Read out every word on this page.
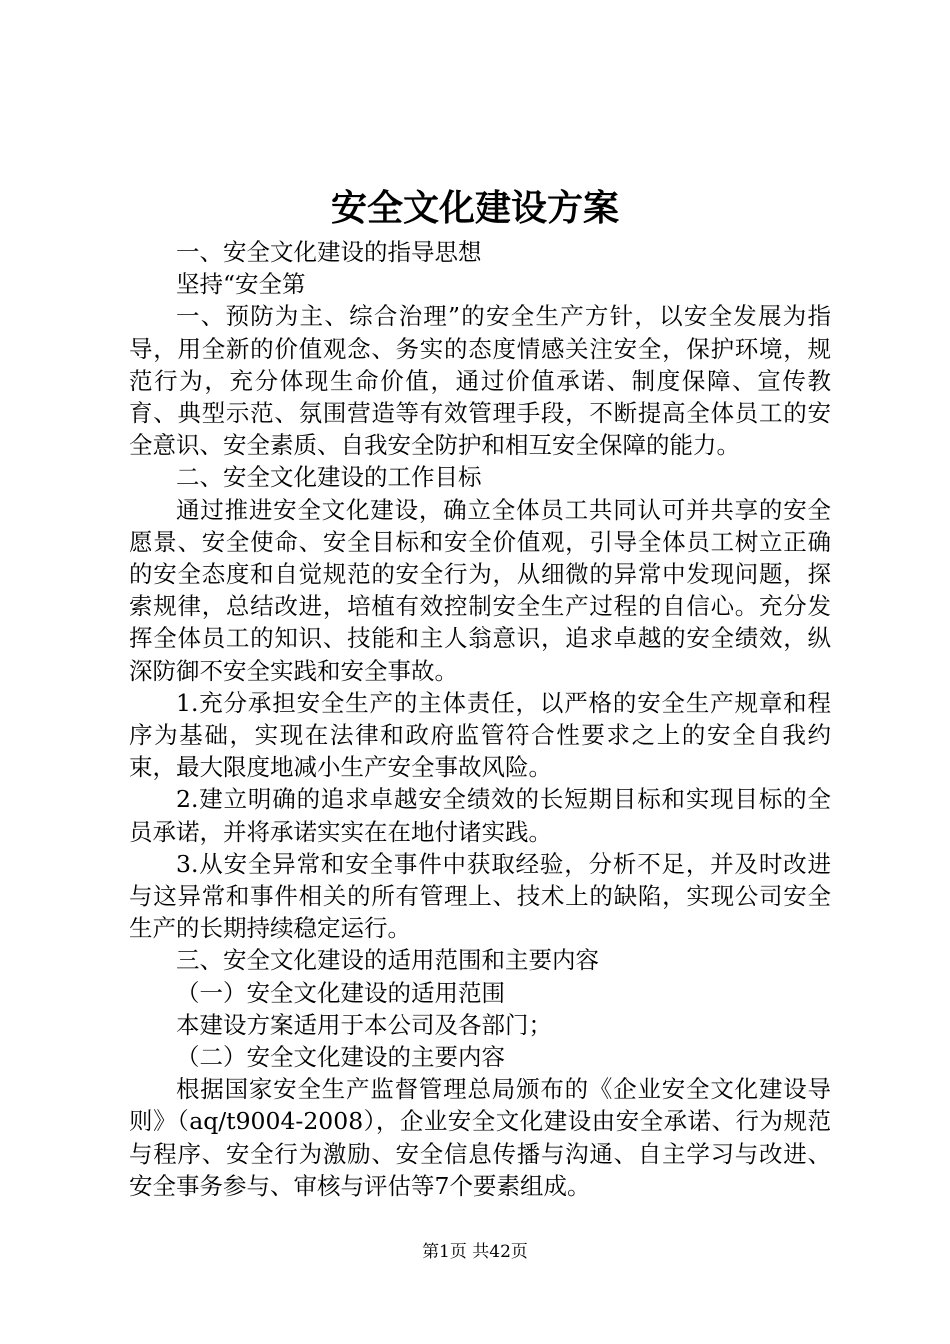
安全文化建设方案

一、安全文化建设的指导思想

坚持“安全第

一、预防为主、综合治理”的安全生产方针，以安全发展为指导，用全新的价值观念、务实的态度情感关注安全，保护环境，规范行为，充分体现生命价值，通过价值承诺、制度保障、宣传教育、典型示范、氛围营造等有效管理手段，不断提高全体员工的安全意识、安全素质、自我安全防护和相互安全保障的能力。

二、安全文化建设的工作目标

通过推进安全文化建设，确立全体员工共同认可并共享的安全愿景、安全使命、安全目标和安全价值观，引导全体员工树立正确的安全态度和自觉规范的安全行为，从细微的异常中发现问题，探索规律，总结改进，培植有效控制安全生产过程的自信心。充分发挥全体员工的知识、技能和主人翁意识，追求卓越的安全绩效，纵深防御不安全实践和安全事故。

1.充分承担安全生产的主体责任，以严格的安全生产规章和程序为基础，实现在法律和政府监管符合性要求之上的安全自我约束，最大限度地减小生产安全事故风险。

2.建立明确的追求卓越安全绩效的长短期目标和实现目标的全员承诺，并将承诺实实在在地付诸实践。

3.从安全异常和安全事件中获取经验，分析不足，并及时改进与这异常和事件相关的所有管理上、技术上的缺陷，实现公司安全生产的长期持续稳定运行。

三、安全文化建设的适用范围和主要内容

（一）安全文化建设的适用范围

本建设方案适用于本公司及各部门；

（二）安全文化建设的主要内容

根据国家安全生产监督管理总局颁布的《企业安全文化建设导则》（aq/t9004-2008），企业安全文化建设由安全承诺、行为规范与程序、安全行为激励、安全信息传播与沟通、自主学习与改进、安全事务参与、审核与评估等7个要素组成。

第1页 共42页
